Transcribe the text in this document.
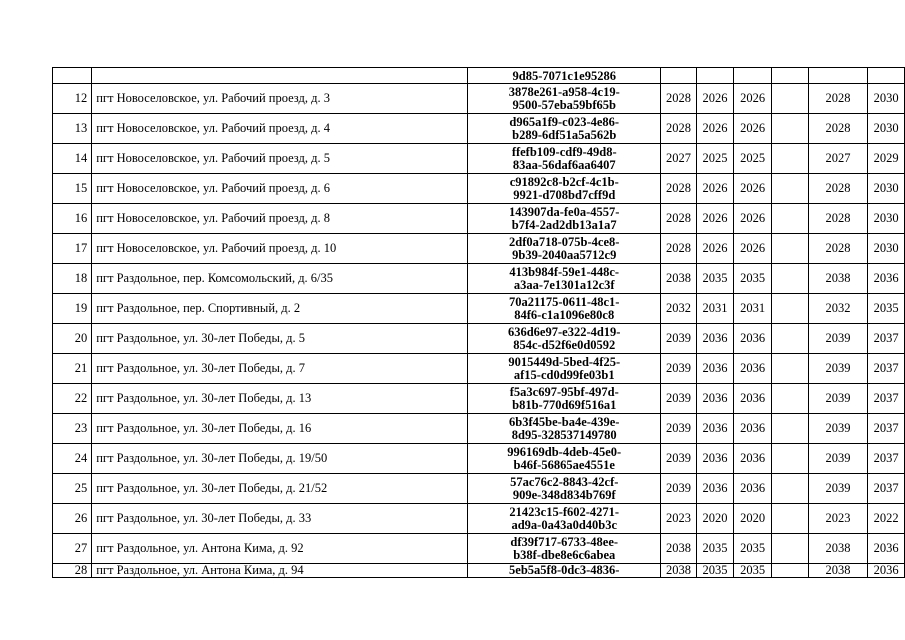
		9d85-7071c1e95286						
12	пгт Новоселовское, ул. Рабочий проезд, д. 3	3878e261-a958-4c19-
9500-57eba59bf65b	2028	2026	2026		2028	2030
13	пгт Новоселовское, ул. Рабочий проезд, д. 4	d965a1f9-c023-4e86-
b289-6df51a5a562b	2028	2026	2026		2028	2030
14	пгт Новоселовское, ул. Рабочий проезд, д. 5	ffefb109-cdf9-49d8-
83aa-56daf6aa6407	2027	2025	2025		2027	2029
15	пгт Новоселовское, ул. Рабочий проезд, д. 6	c91892c8-b2cf-4c1b-
9921-d708bd7cff9d	2028	2026	2026		2028	2030
16	пгт Новоселовское, ул. Рабочий проезд, д. 8	143907da-fe0a-4557-
b7f4-2ad2db13a1a7	2028	2026	2026		2028	2030
17	пгт Новоселовское, ул. Рабочий проезд, д. 10	2df0a718-075b-4ce8-
9b39-2040aa5712c9	2028	2026	2026		2028	2030
18	пгт Раздольное, пер. Комсомольский, д. 6/35	413b984f-59e1-448c-
a3aa-7e1301a12c3f	2038	2035	2035		2038	2036
19	пгт Раздольное, пер. Спортивный, д. 2	70a21175-0611-48c1-
84f6-c1a1096e80c8	2032	2031	2031		2032	2035
20	пгт Раздольное, ул. 30-лет Победы, д. 5	636d6e97-e322-4d19-
854c-d52f6e0d0592	2039	2036	2036		2039	2037
21	пгт Раздольное, ул. 30-лет Победы, д. 7	9015449d-5bed-4f25-
af15-cd0d99fe03b1	2039	2036	2036		2039	2037
22	пгт Раздольное, ул. 30-лет Победы, д. 13	f5a3c697-95bf-497d-
b81b-770d69f516a1	2039	2036	2036		2039	2037
23	пгт Раздольное, ул. 30-лет Победы, д. 16	6b3f45be-ba4e-439e-
8d95-328537149780	2039	2036	2036		2039	2037
24	пгт Раздольное, ул. 30-лет Победы, д. 19/50	996169db-4deb-45e0-
b46f-56865ae4551e	2039	2036	2036		2039	2037
25	пгт Раздольное, ул. 30-лет Победы, д. 21/52	57ac76c2-8843-42cf-
909e-348d834b769f	2039	2036	2036		2039	2037
26	пгт Раздольное, ул. 30-лет Победы, д. 33	21423c15-f602-4271-
ad9a-0a43a0d40b3c	2023	2020	2020		2023	2022
27	пгт Раздольное, ул. Антона Кима, д. 92	df39f717-6733-48ee-
b38f-dbe8e6c6abea	2038	2035	2035		2038	2036
28	пгт Раздольное, ул. Антона Кима, д. 94	5eb5a5f8-0dc3-4836-	2038	2035	2035		2038	2036
